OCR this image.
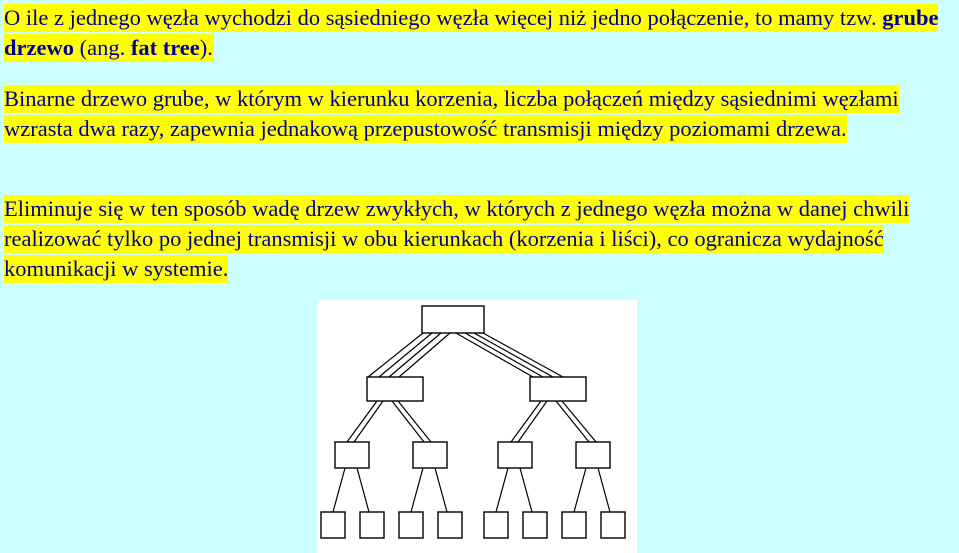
O ile z jednego węzła wychodzi do sąsiedniego węzła więcej niż jedno połączenie, to mamy tzw. grube drzewo (ang. fat tree).

Binarne drzewo grube, w którym w kierunku korzenia, liczba połączeń między sąsiednimi węzłami wzrasta dwa razy, zapewnia jednakową przepustowość transmisji między poziomami drzewa.

Eliminuje się w ten sposób wadę drzew zwykłych, w których z jednego węzła można w danej chwili realizować tylko po jednej transmisji w obu kierunkach (korzenia i liści), co ogranicza wydajność komunikacji w systemie.
